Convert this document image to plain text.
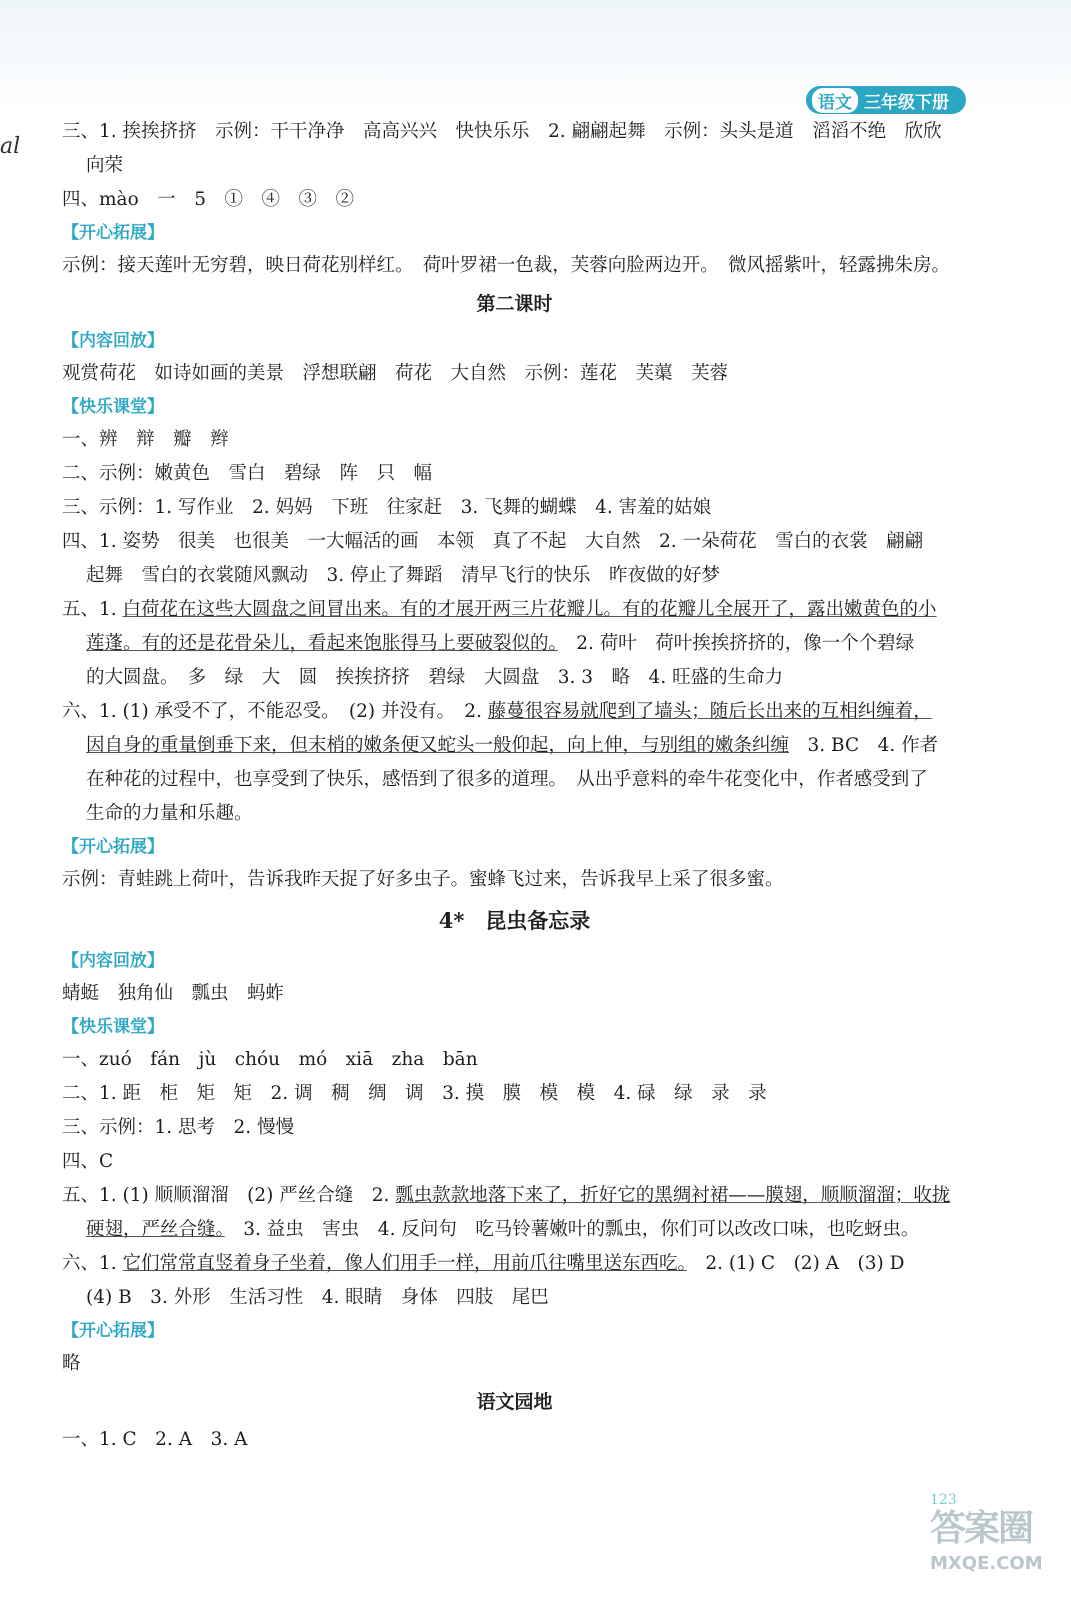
语文 三年级下册
al
三、1. 挨挨挤挤　示例：干干净净　高高兴兴　快快乐乐　2. 翩翩起舞　示例：头头是道　滔滔不绝　欣欣
向荣
四、mào　一　5　①　④　③　②
【开心拓展】
示例：接天莲叶无穷碧，映日荷花别样红。　荷叶罗裙一色裁，芙蓉向脸两边开。　微风摇紫叶，轻露拂朱房。
第二课时
【内容回放】
观赏荷花　如诗如画的美景　浮想联翩　荷花　大自然　示例：莲花　芙蕖　芙蓉
【快乐课堂】
一、辨　辩　瓣　辫
二、示例：嫩黄色　雪白　碧绿　阵　只　幅
三、示例：1. 写作业　2. 妈妈　下班　往家赶　3. 飞舞的蝴蝶　4. 害羞的姑娘
四、1. 姿势　很美　也很美　一大幅活的画　本领　真了不起　大自然　2. 一朵荷花　雪白的衣裳　翩翩
起舞　雪白的衣裳随风飘动　3. 停止了舞蹈　清早飞行的快乐　昨夜做的好梦
五、1. 白荷花在这些大圆盘之间冒出来。有的才展开两三片花瓣儿。有的花瓣儿全展开了，露出嫩黄色的小
莲蓬。有的还是花骨朵儿，看起来饱胀得马上要破裂似的。　2. 荷叶　荷叶挨挨挤挤的，像一个个碧绿
的大圆盘。　多　绿　大　圆　挨挨挤挤　碧绿　大圆盘　3. 3　略　4. 旺盛的生命力
六、1. (1) 承受不了，不能忍受。　(2) 并没有。　2. 藤蔓很容易就爬到了墙头；随后长出来的互相纠缠着，
因自身的重量倒垂下来，但末梢的嫩条便又蛇头一般仰起，向上伸，与别组的嫩条纠缠　3. BC　4. 作者
在种花的过程中，也享受到了快乐，感悟到了很多的道理。　从出乎意料的牵牛花变化中，作者感受到了
生命的力量和乐趣。
【开心拓展】
示例：青蛙跳上荷叶，告诉我昨天捉了好多虫子。蜜蜂飞过来，告诉我早上采了很多蜜。
4*　昆虫备忘录
【内容回放】
蜻蜓　独角仙　瓢虫　蚂蚱
【快乐课堂】
一、zuó　fán　jù　chóu　mó　xiā　zha　bān
二、1. 距　柜　矩　矩　2. 调　稠　绸　调　3. 摸　膜　模　模　4. 碌　绿　录　录
三、示例：1. 思考　2. 慢慢
四、C
五、1. (1) 顺顺溜溜　(2) 严丝合缝　2. 瓢虫款款地落下来了，折好它的黑绸衬裙——膜翅，顺顺溜溜；收拢
硬翅，严丝合缝。　3. 益虫　害虫　4. 反问句　吃马铃薯嫩叶的瓢虫，你们可以改改口味，也吃蚜虫。
六、1. 它们常常直竖着身子坐着，像人们用手一样，用前爪往嘴里送东西吃。　2. (1) C　(2) A　(3) D
(4) B　3. 外形　生活习性　4. 眼睛　身体　四肢　尾巴
【开心拓展】
略
语文园地
一、1. C　2. A　3. A
123
答案圈
MXQE.COM
